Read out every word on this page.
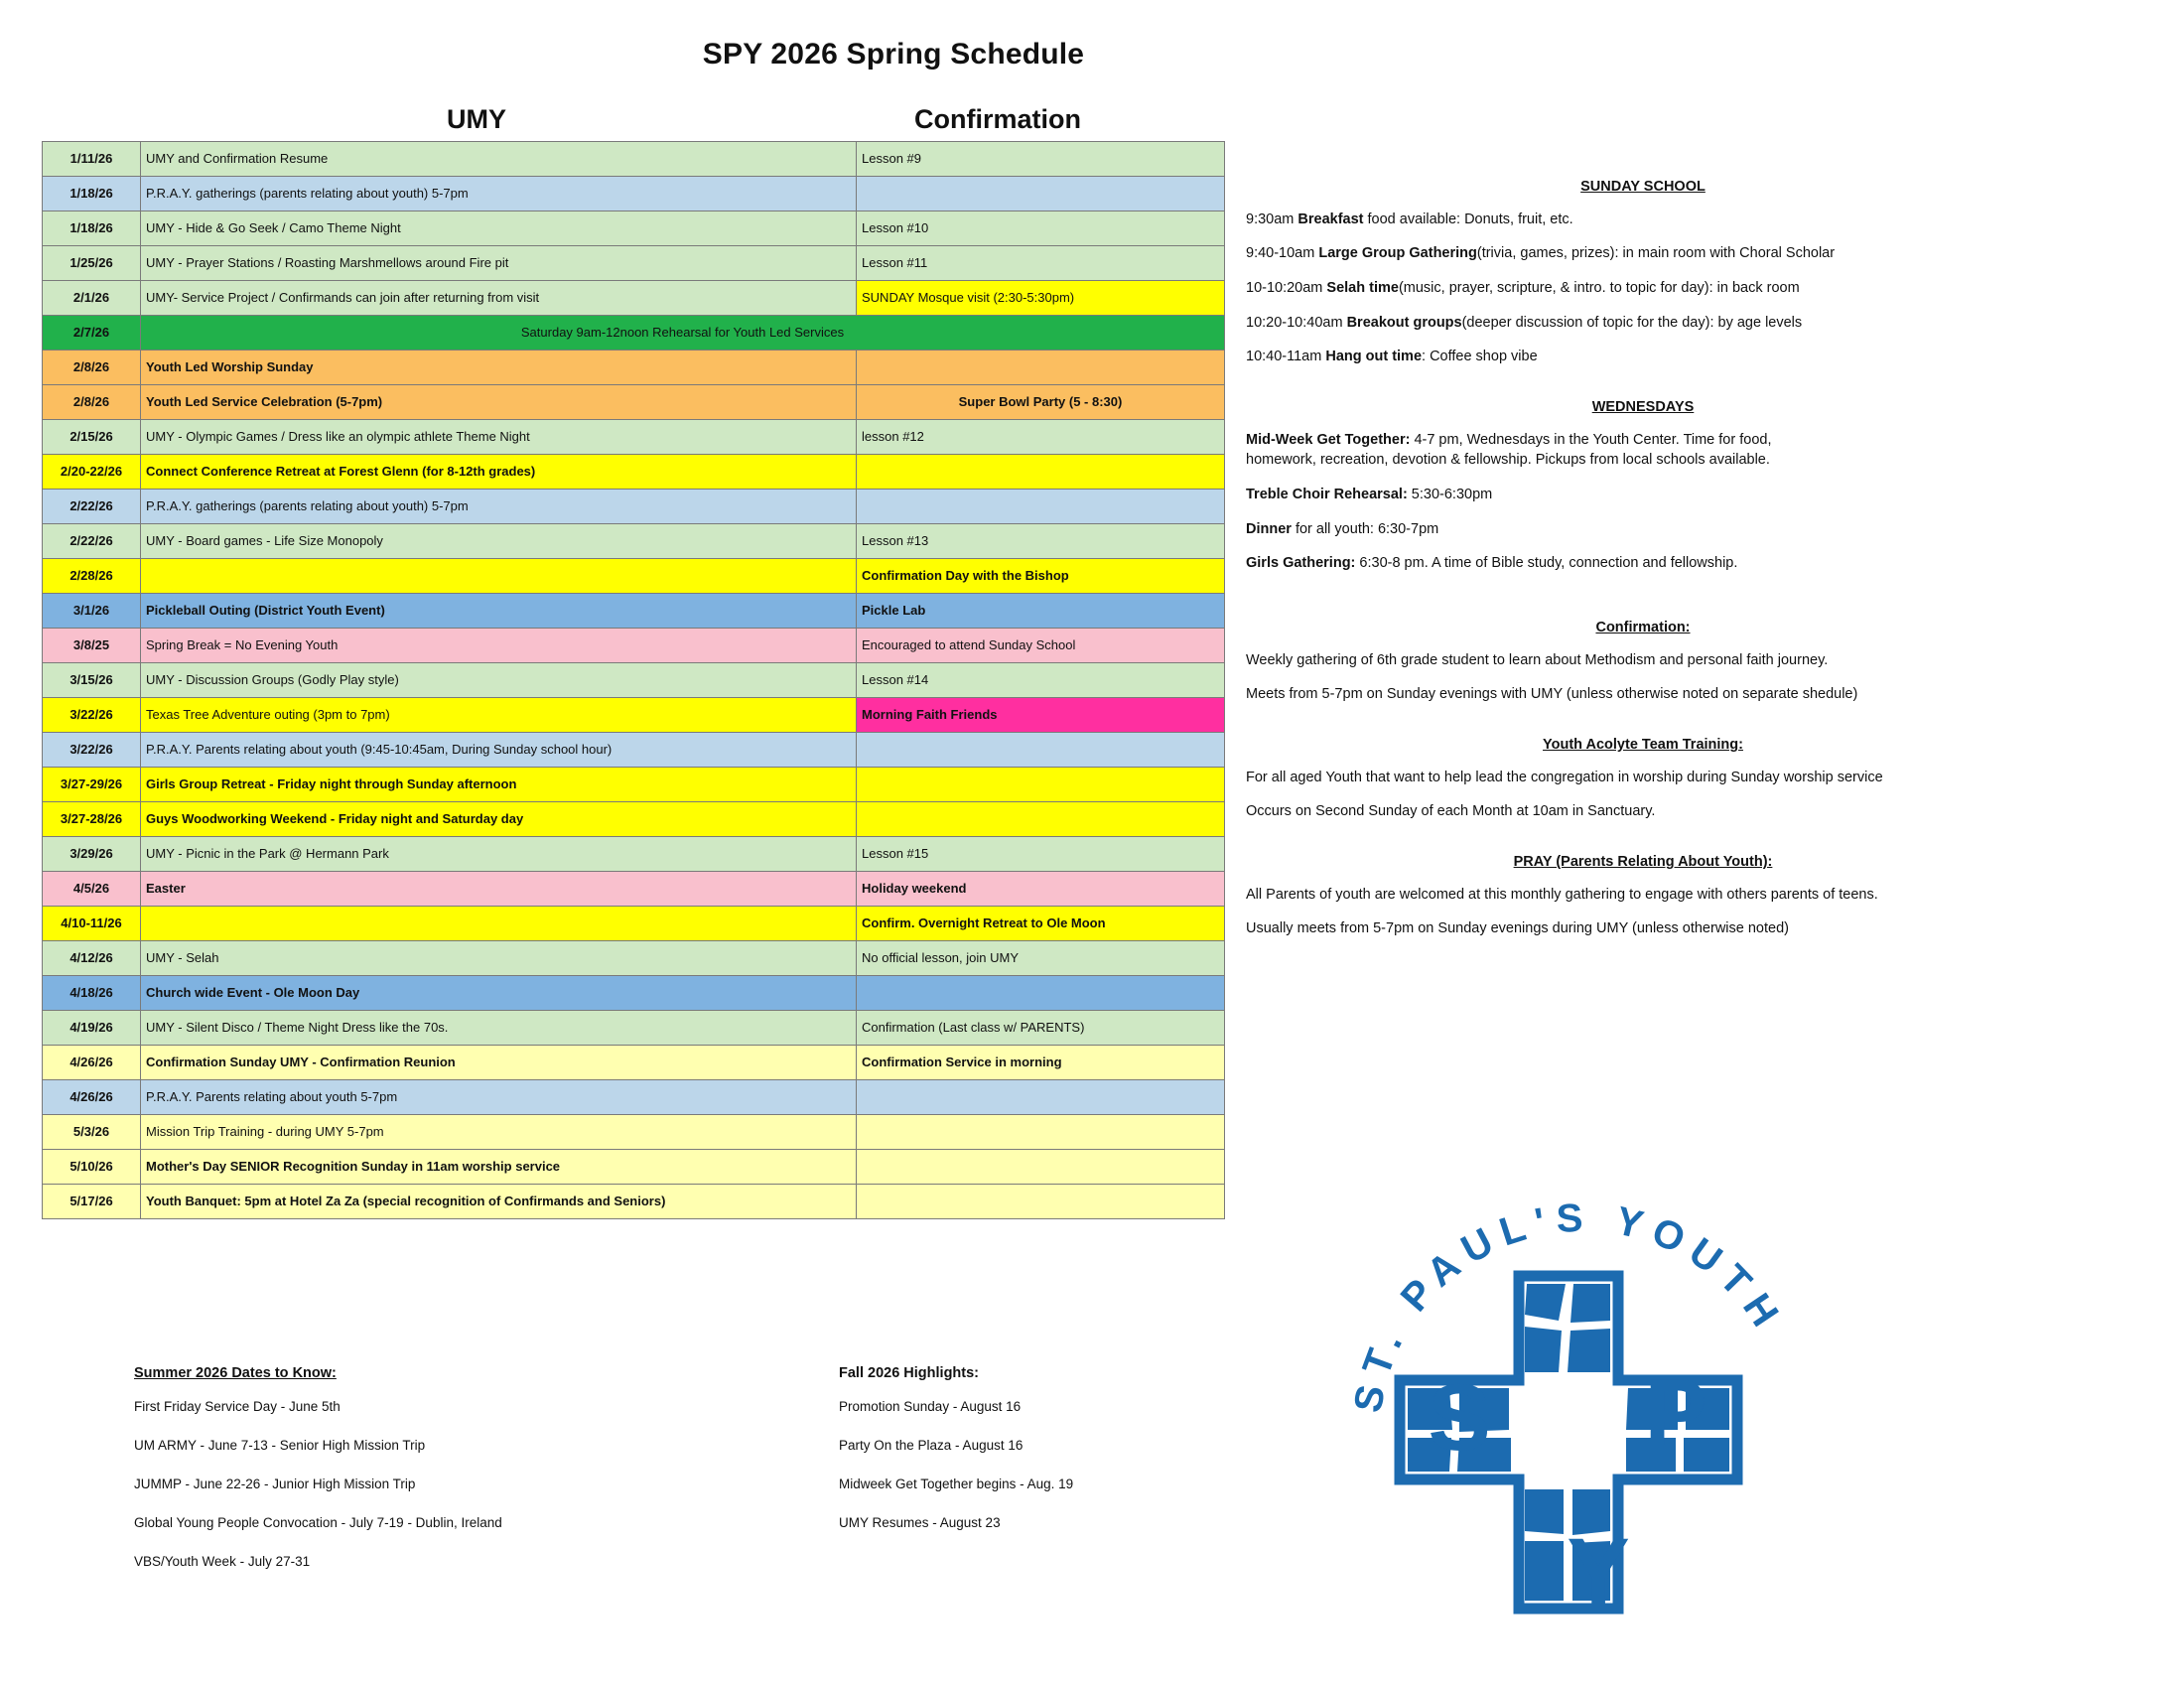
SPY 2026 Spring Schedule
UMY	Confirmation
1/11/26	UMY and Confirmation Resume	Lesson #9
1/18/26	P.R.A.Y. gatherings (parents relating about youth) 5-7pm	
1/18/26	UMY - Hide & Go Seek / Camo Theme Night	Lesson #10
1/25/26	UMY - Prayer Stations / Roasting Marshmellows around Fire pit	Lesson #11
2/1/26	UMY- Service Project / Confirmands can join after returning from visit	SUNDAY Mosque visit (2:30-5:30pm)
2/7/26	Saturday 9am-12noon Rehearsal for Youth Led Services	
2/8/26	Youth Led Worship Sunday	
2/8/26	Youth Led Service Celebration (5-7pm)	Super Bowl Party (5 - 8:30)
2/15/26	UMY - Olympic Games / Dress like an olympic athlete Theme Night	lesson #12
2/20-22/26	Connect Conference Retreat at Forest Glenn (for 8-12th grades)	
2/22/26	P.R.A.Y. gatherings (parents relating about youth) 5-7pm	
2/22/26	UMY - Board games - Life Size Monopoly	Lesson #13
2/28/26		Confirmation Day with the Bishop
3/1/26	Pickleball Outing (District Youth Event)	Pickle Lab
3/8/25	Spring Break = No Evening Youth	Encouraged to attend Sunday School
3/15/26	UMY - Discussion Groups (Godly Play style)	Lesson #14
3/22/26	Texas Tree Adventure outing (3pm to 7pm)	Morning Faith Friends
3/22/26	P.R.A.Y. Parents relating about youth (9:45-10:45am, During Sunday school hour)	
3/27-29/26	Girls Group Retreat - Friday night through Sunday afternoon	
3/27-28/26	Guys Woodworking Weekend - Friday night and Saturday day	
3/29/26	UMY - Picnic in the Park @ Hermann Park	Lesson #15
4/5/26	Easter	Holiday weekend
4/10-11/26		Confirm. Overnight Retreat to Ole Moon
4/12/26	UMY - Selah	No official lesson, join UMY
4/18/26	Church wide Event - Ole Moon Day	
4/19/26	UMY - Silent Disco / Theme Night Dress like the 70s.	Confirmation (Last class w/ PARENTS)
4/26/26	Confirmation Sunday UMY - Confirmation Reunion	Confirmation Service in morning
4/26/26	P.R.A.Y. Parents relating about youth 5-7pm	
5/3/26	Mission Trip Training - during UMY 5-7pm	
5/10/26	Mother's Day SENIOR Recognition Sunday in 11am worship service	
5/17/26	Youth Banquet: 5pm at Hotel Za Za (special recognition of Confirmands and Seniors)	
SUNDAY SCHOOL

9:30am Breakfast food available: Donuts, fruit, etc.

9:40-10am Large Group Gathering(trivia, games, prizes): in main room with Choral Scholar

10-10:20am Selah time(music, prayer, scripture, & intro. to topic for day): in back room

10:20-10:40am Breakout groups(deeper discussion of topic for the day): by age levels

10:40-11am Hang out time: Coffee shop vibe

WEDNESDAYS

Mid-Week Get Together: 4-7 pm, Wednesdays in the Youth Center. Time for food,

homework, recreation, devotion & fellowship. Pickups from local schools available.

Treble Choir Rehearsal: 5:30-6:30pm

Dinner for all youth: 6:30-7pm

Girls Gathering: 6:30-8 pm. A time of Bible study, connection and fellowship.

Confirmation:

Weekly gathering of 6th grade student to learn about Methodism and personal faith journey.

Meets from 5-7pm on Sunday evenings with UMY (unless otherwise noted on separate shedule)

Youth Acolyte Team Training:

For all aged Youth that want to help lead the congregation in worship during Sunday worship service

Occurs on Second Sunday of each Month at 10am in Sanctuary.

PRAY (Parents Relating About Youth):

All Parents of youth are welcomed at this monthly gathering to engage with others parents of teens.

Usually meets from 5-7pm on Sunday evenings during UMY (unless otherwise noted)

Summer 2026 Dates to Know:
First Friday Service Day - June 5th
UM ARMY - June 7-13 - Senior High Mission Trip
JUMMP - June 22-26 - Junior High Mission Trip
Global Young People Convocation - July 7-19 - Dublin, Ireland
VBS/Youth Week - July 27-31
Fall 2026 Highlights:
Promotion Sunday - August 16
Party On the Plaza - August 16
Midweek Get Together begins - Aug. 19
UMY Resumes - August 23
ST. PAUL'S YOUTH
S P
Y
